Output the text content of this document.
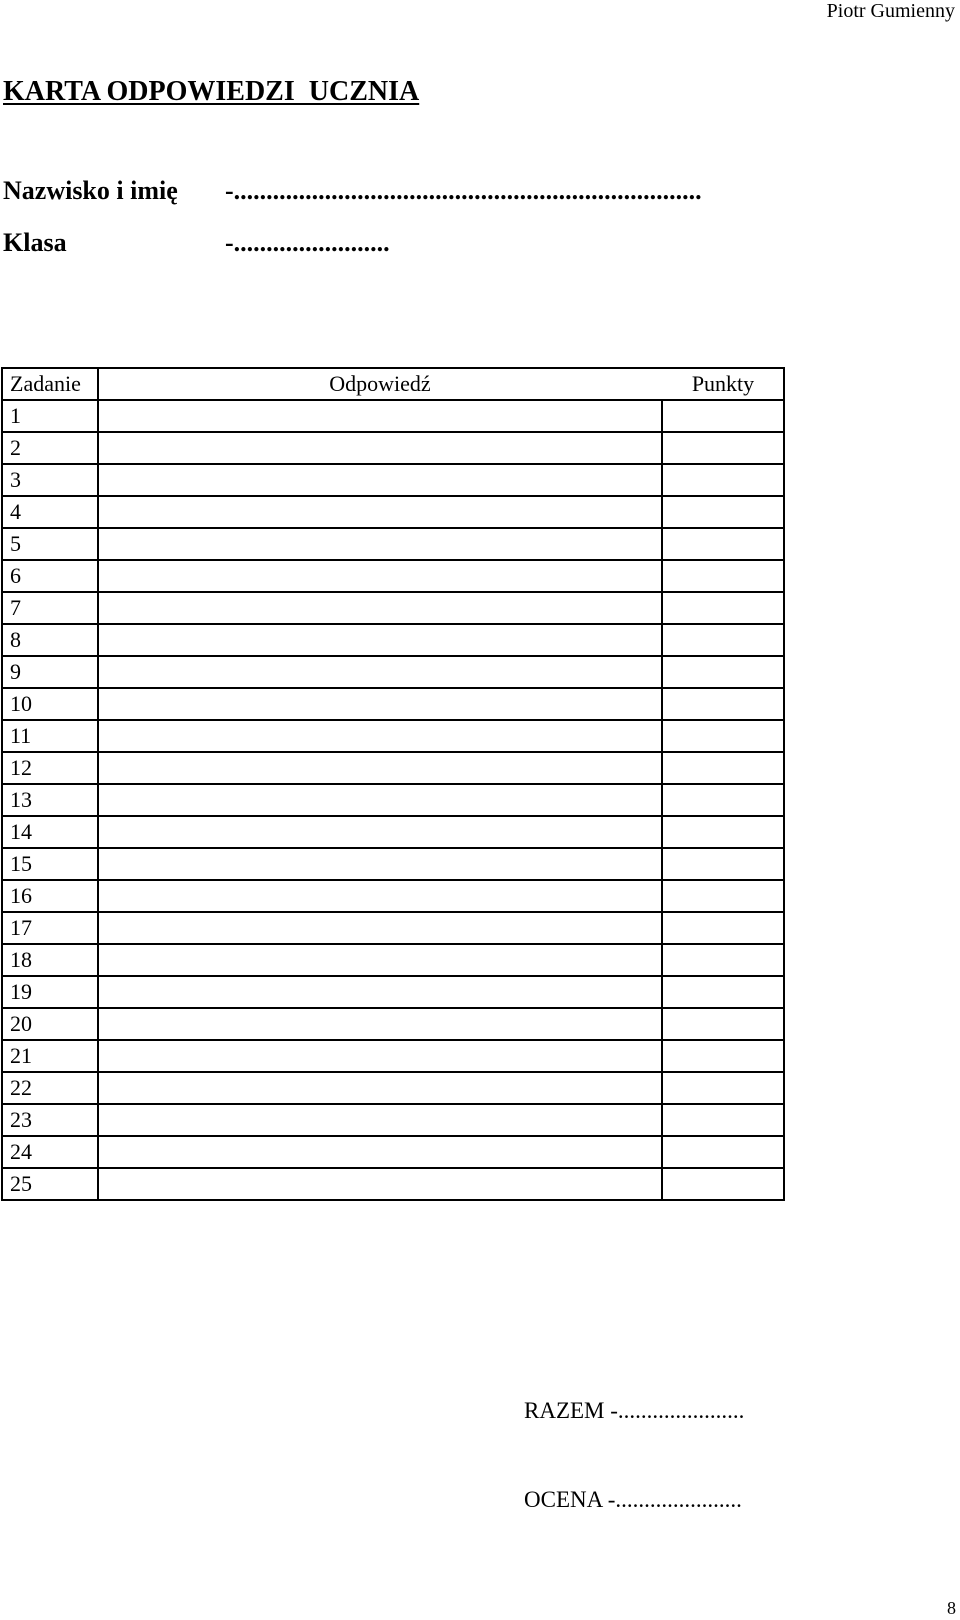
Piotr Gumienny
KARTA ODPOWIEDZI  UCZNIA
Nazwisko i imię -........................................................................
Klasa	-........................
Zadanie	Odpowiedź	Punkty
1		
2		
3		
4		
5		
6		
7		
8		
9		
10		
11		
12		
13		
14		
15		
16		
17		
18		
19		
20		
21		
22		
23		
24		
25		
RAZEM -......................
OCENA -......................
8
